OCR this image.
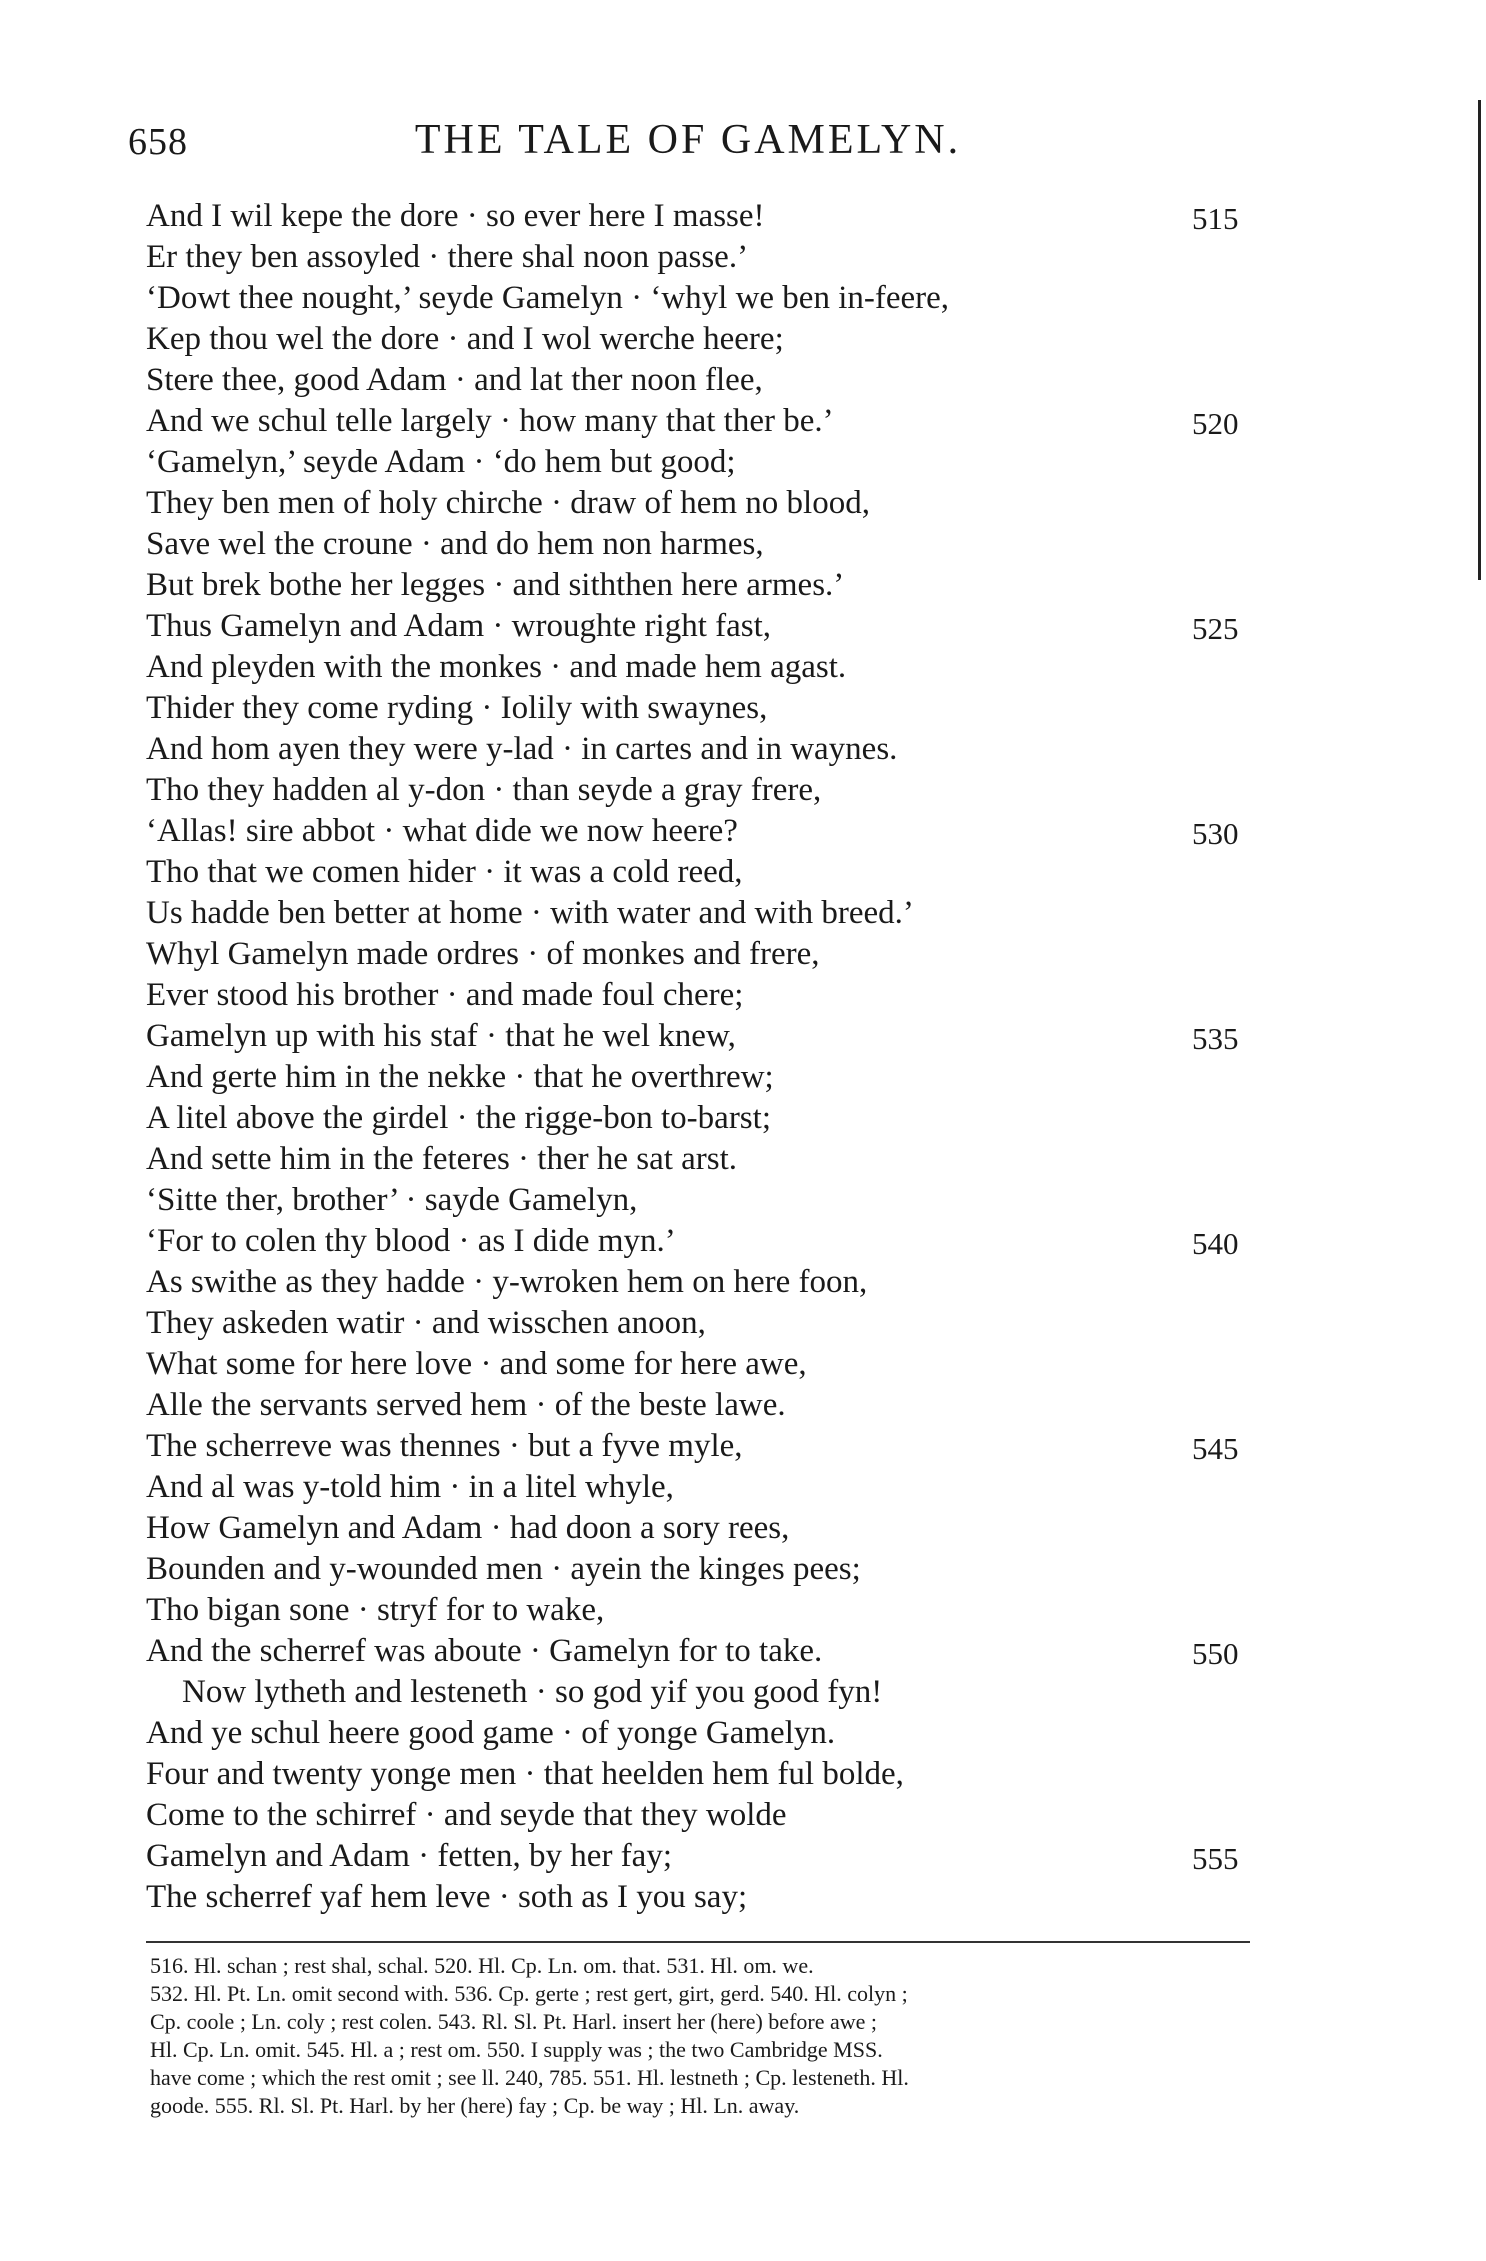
658	THE TALE OF GAMELYN.
And I wil kepe the dore · so ever here I masse!	515
Er they ben assoyled · there shal noon passe.’
‘Dowt thee nought,’ seyde Gamelyn · ‘whyl we ben in-feere,
Kep thou wel the dore · and I wol werche heere;
Stere thee, good Adam · and lat ther noon flee,
And we schul telle largely · how many that ther be.’	520
‘Gamelyn,’ seyde Adam · ‘do hem but good;
They ben men of holy chirche · draw of hem no blood,
Save wel the croune · and do hem non harmes,
But brek bothe her legges · and siththen here armes.’
Thus Gamelyn and Adam · wroughte right fast,	525
And pleyden with the monkes · and made hem agast.
Thider they come ryding · Iolily with swaynes,
And hom ayen they were y-lad · in cartes and in waynes.
Tho they hadden al y-don · than seyde a gray frere,
‘Allas! sire abbot · what dide we now heere?	530
Tho that we comen hider · it was a cold reed,
Us hadde ben better at home · with water and with breed.’
Whyl Gamelyn made ordres · of monkes and frere,
Ever stood his brother · and made foul chere;
Gamelyn up with his staf · that he wel knew,	535
And gerte him in the nekke · that he overthrew;
A litel above the girdel · the rigge-bon to-barst;
And sette him in the feteres · ther he sat arst.
‘Sitte ther, brother’ · sayde Gamelyn,
‘For to colen thy blood · as I dide myn.’	540
As swithe as they hadde · y-wroken hem on here foon,
They askeden watir · and wisschen anoon,
What some for here love · and some for here awe,
Alle the servants served hem · of the beste lawe.
The scherreve was thennes · but a fyve myle,	545
And al was y-told him · in a litel whyle,
How Gamelyn and Adam · had doon a sory rees,
Bounden and y-wounded men · ayein the kinges pees;
Tho bigan sone · stryf for to wake,
And the scherref was aboute · Gamelyn for to take.	550
Now lytheth and lesteneth · so god yif you good fyn!
And ye schul heere good game · of yonge Gamelyn.
Four and twenty yonge men · that heelden hem ful bolde,
Come to the schirref · and seyde that they wolde
Gamelyn and Adam · fetten, by her fay;	555
The scherref yaf hem leve · soth as I you say;
516. Hl. schan ; rest shal, schal. 520. Hl. Cp. Ln. om. that. 531. Hl. om. we.
532. Hl. Pt. Ln. omit second with. 536. Cp. gerte ; rest gert, girt, gerd. 540. Hl. colyn ;
Cp. coole ; Ln. coly ; rest colen. 543. Rl. Sl. Pt. Harl. insert her (here) before awe ;
Hl. Cp. Ln. omit. 545. Hl. a ; rest om. 550. I supply was ; the two Cambridge MSS.
have come ; which the rest omit ; see ll. 240, 785. 551. Hl. lestneth ; Cp. lesteneth. Hl.
goode. 555. Rl. Sl. Pt. Harl. by her (here) fay ; Cp. be way ; Hl. Ln. away.
